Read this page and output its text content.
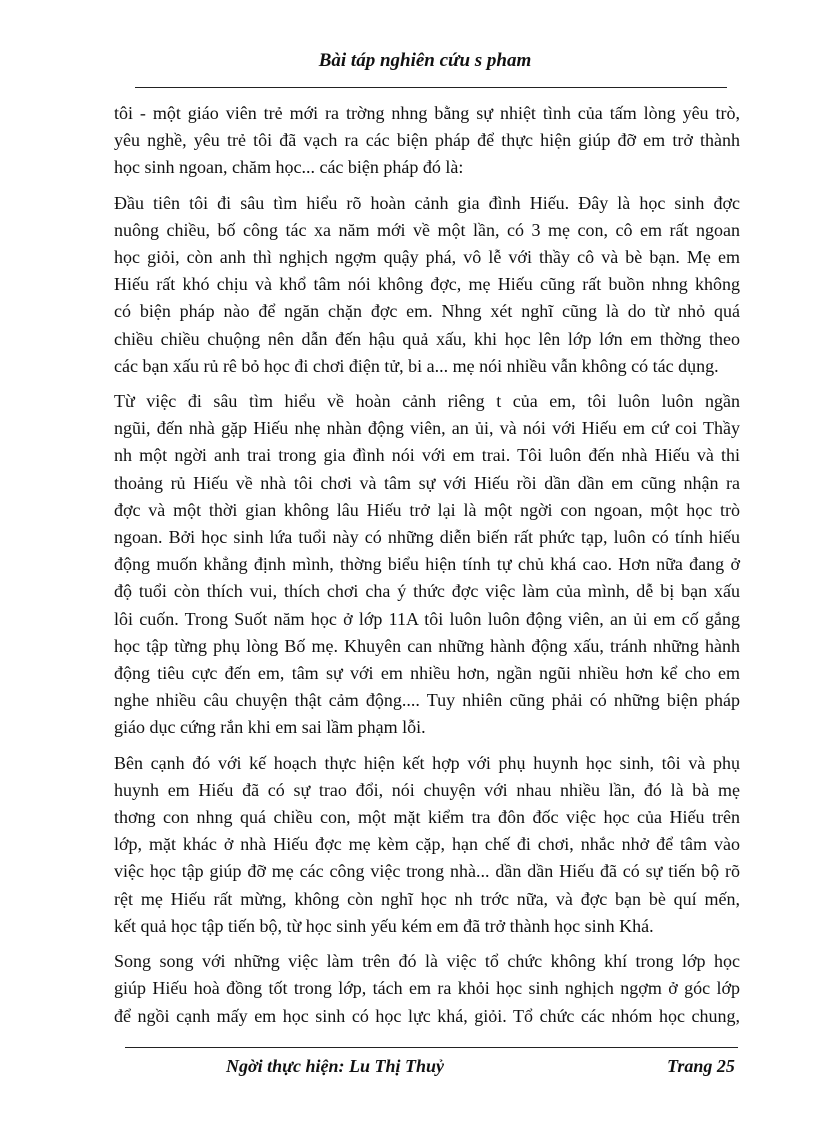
Bài táp nghiên cứu s pham
tôi - một giáo viên trẻ mới ra trờng nhng bằng sự nhiệt tình của tấm lòng yêu trò,
yêu nghề, yêu trẻ tôi đã vạch ra các biện pháp để thực hiện giúp đỡ em trở thành
học sinh ngoan, chăm học... các biện pháp đó là:
Đầu tiên tôi đi sâu tìm hiểu rõ hoàn cảnh gia đình Hiếu. Đây là học sinh đợc
nuông chiều, bố công tác xa năm mới về một lần, có 3 mẹ con, cô em rất ngoan
học giỏi, còn anh thì nghịch ngợm quậy phá, vô lễ với thầy cô và bè bạn. Mẹ em
Hiếu rất khó chịu và khổ tâm nói không đợc, mẹ Hiếu cũng rất buồn nhng không
có biện pháp nào để ngăn chặn đợc em. Nhng xét nghĩ cũng là do từ nhỏ quá
chiều chiều chuộng nên dẫn đến hậu quả xấu, khi học lên lớp lớn em thờng theo
các bạn xấu rủ rê bỏ học đi chơi điện tử, bi a... mẹ nói nhiều vẫn không có tác dụng.
Từ việc đi sâu tìm hiểu về hoàn cảnh riêng t của em, tôi luôn luôn ngần
ngũi, đến nhà gặp Hiếu nhẹ nhàn động viên, an ủi, và nói với Hiếu em cứ coi Thầy
nh một ngời anh trai trong gia đình nói với em trai. Tôi luôn đến nhà Hiếu và thi
thoảng rủ Hiếu về nhà tôi chơi và tâm sự với Hiếu rồi dần dần em cũng nhận ra
đợc và một thời gian không lâu Hiếu trở lại là một ngời con ngoan, một học trò
ngoan. Bởi học sinh lứa tuổi này có những diễn biến rất phức tạp, luôn có tính hiếu
động muốn khẳng định mình, thờng biểu hiện tính tự chủ khá cao. Hơn nữa đang ở
độ tuổi còn thích vui, thích chơi cha ý thức đợc việc làm của mình, dễ bị bạn xấu
lôi cuốn. Trong Suốt năm học ở lớp 11A tôi luôn luôn động viên, an ủi em cố gắng
học tập từng phụ lòng Bố mẹ. Khuyên can những hành động xấu, tránh những hành
động tiêu cực đến em, tâm sự với em nhiều hơn, ngần ngũi nhiều hơn kể cho em
nghe nhiều câu chuyện thật cảm động.... Tuy nhiên cũng phải có những biện pháp
giáo dục cứng rắn khi em sai lầm phạm lỗi.
Bên cạnh đó với kế hoạch thực hiện kết hợp với phụ huynh học sinh, tôi và phụ
huynh em Hiếu đã có sự trao đổi, nói chuyện với nhau nhiều lần, đó là bà mẹ
thơng con nhng quá chiều con, một mặt kiểm tra đôn đốc việc học của Hiếu trên
lớp, mặt khác ở nhà Hiếu đợc mẹ kèm cặp, hạn chế đi chơi, nhắc nhở để tâm vào
việc học tập giúp đỡ mẹ các công việc trong nhà... dần dần Hiếu đã có sự tiến bộ rõ
rệt mẹ Hiếu rất mừng, không còn nghĩ học nh trớc nữa, và đợc bạn bè quí mến,
kết quả học tập tiến bộ, từ học sinh yếu kém em đã trở thành học sinh Khá.
Song song với những việc làm trên đó là việc tổ chức không khí trong lớp học
giúp Hiếu hoà đồng tốt trong lớp, tách em ra khỏi học sinh nghịch ngợm ở góc lớp
để ngồi cạnh mấy em học sinh có học lực khá, giỏi. Tổ chức các nhóm học chung,
Ngời thực hiện: Lu Thị Thuỷ	Trang 25
